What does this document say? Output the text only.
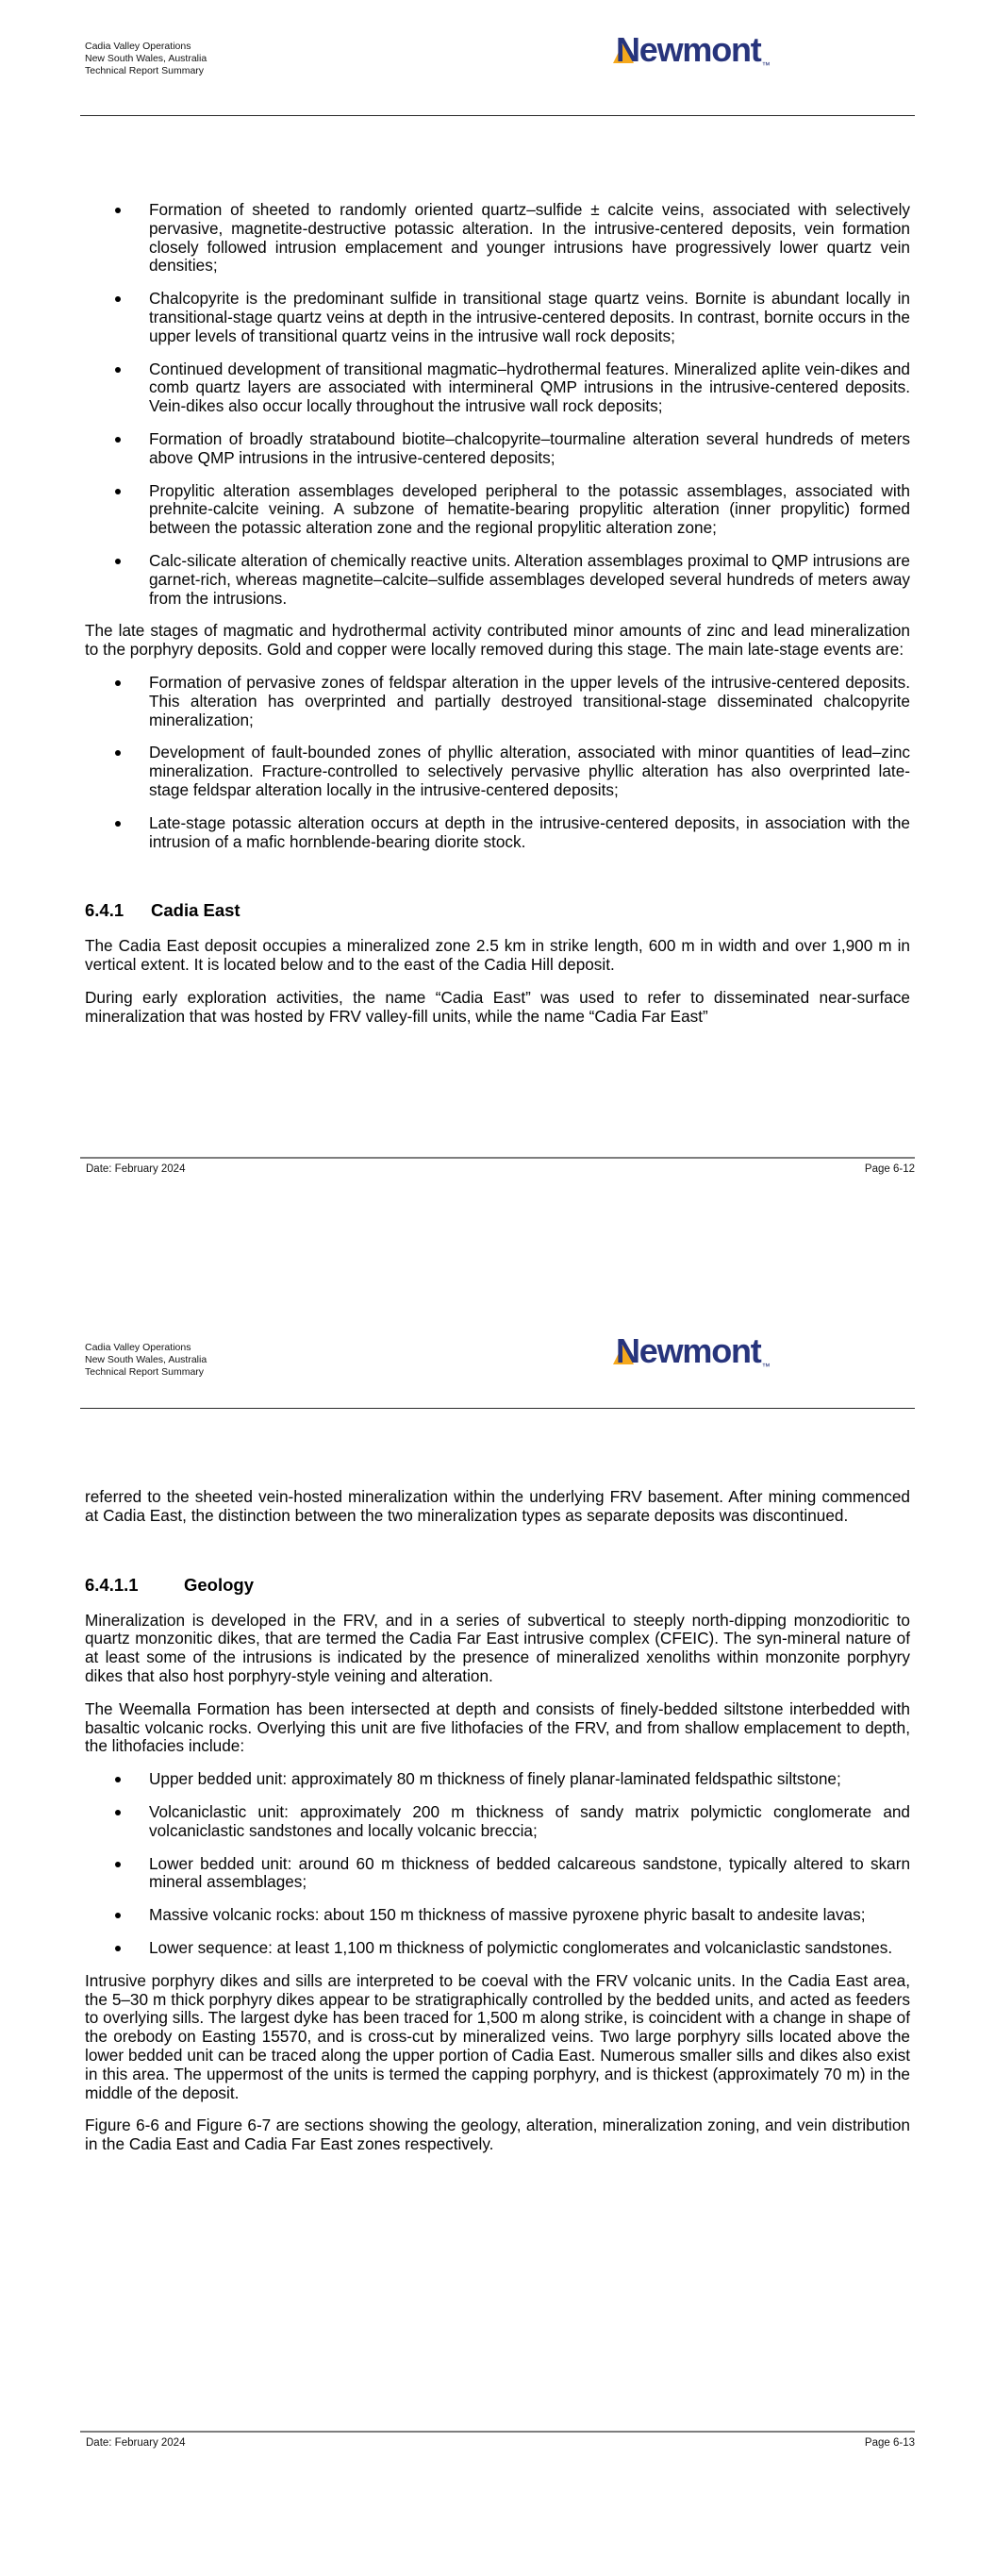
Cadia Valley Operations
New South Wales, Australia
Technical Report Summary
Newmont™
Formation of sheeted to randomly oriented quartz–sulfide ± calcite veins, associated with selectively pervasive, magnetite-destructive potassic alteration. In the intrusive-centered deposits, vein formation closely followed intrusion emplacement and younger intrusions have progressively lower quartz vein densities;
Chalcopyrite is the predominant sulfide in transitional stage quartz veins. Bornite is abundant locally in transitional-stage quartz veins at depth in the intrusive-centered deposits. In contrast, bornite occurs in the upper levels of transitional quartz veins in the intrusive wall rock deposits;
Continued development of transitional magmatic–hydrothermal features. Mineralized aplite vein-dikes and comb quartz layers are associated with intermineral QMP intrusions in the intrusive-centered deposits. Vein-dikes also occur locally throughout the intrusive wall rock deposits;
Formation of broadly stratabound biotite–chalcopyrite–tourmaline alteration several hundreds of meters above QMP intrusions in the intrusive-centered deposits;
Propylitic alteration assemblages developed peripheral to the potassic assemblages, associated with prehnite-calcite veining. A subzone of hematite-bearing propylitic alteration (inner propylitic) formed between the potassic alteration zone and the regional propylitic alteration zone;
Calc-silicate alteration of chemically reactive units. Alteration assemblages proximal to QMP intrusions are garnet-rich, whereas magnetite–calcite–sulfide assemblages developed several hundreds of meters away from the intrusions.

The late stages of magmatic and hydrothermal activity contributed minor amounts of zinc and lead mineralization to the porphyry deposits. Gold and copper were locally removed during this stage. The main late-stage events are:

Formation of pervasive zones of feldspar alteration in the upper levels of the intrusive-centered deposits. This alteration has overprinted and partially destroyed transitional-stage disseminated chalcopyrite mineralization;
Development of fault-bounded zones of phyllic alteration, associated with minor quantities of lead–zinc mineralization. Fracture-controlled to selectively pervasive phyllic alteration has also overprinted late-stage feldspar alteration locally in the intrusive-centered deposits;
Late-stage potassic alteration occurs at depth in the intrusive-centered deposits, in association with the intrusion of a mafic hornblende-bearing diorite stock.
6.4.1	Cadia East

The Cadia East deposit occupies a mineralized zone 2.5 km in strike length, 600 m in width and over 1,900 m in vertical extent. It is located below and to the east of the Cadia Hill deposit.

During early exploration activities, the name “Cadia East” was used to refer to disseminated near-surface mineralization that was hosted by FRV valley-fill units, while the name “Cadia Far East”

Date: February 2024	Page 6-12
Cadia Valley Operations
New South Wales, Australia
Technical Report Summary
Newmont™

referred to the sheeted vein-hosted mineralization within the underlying FRV basement. After mining commenced at Cadia East, the distinction between the two mineralization types as separate deposits was discontinued.

6.4.1.1	Geology

Mineralization is developed in the FRV, and in a series of subvertical to steeply north-dipping monzodioritic to quartz monzonitic dikes, that are termed the Cadia Far East intrusive complex (CFEIC). The syn-mineral nature of at least some of the intrusions is indicated by the presence of mineralized xenoliths within monzonite porphyry dikes that also host porphyry-style veining and alteration.

The Weemalla Formation has been intersected at depth and consists of finely-bedded siltstone interbedded with basaltic volcanic rocks. Overlying this unit are five lithofacies of the FRV, and from shallow emplacement to depth, the lithofacies include:

Upper bedded unit: approximately 80 m thickness of finely planar-laminated feldspathic siltstone;
Volcaniclastic unit: approximately 200 m thickness of sandy matrix polymictic conglomerate and volcaniclastic sandstones and locally volcanic breccia;
Lower bedded unit: around 60 m thickness of bedded calcareous sandstone, typically altered to skarn mineral assemblages;
Massive volcanic rocks: about 150 m thickness of massive pyroxene phyric basalt to andesite lavas;
Lower sequence: at least 1,100 m thickness of polymictic conglomerates and volcaniclastic sandstones.

Intrusive porphyry dikes and sills are interpreted to be coeval with the FRV volcanic units. In the Cadia East area, the 5–30 m thick porphyry dikes appear to be stratigraphically controlled by the bedded units, and acted as feeders to overlying sills. The largest dyke has been traced for 1,500 m along strike, is coincident with a change in shape of the orebody on Easting 15570, and is cross-cut by mineralized veins. Two large porphyry sills located above the lower bedded unit can be traced along the upper portion of Cadia East. Numerous smaller sills and dikes also exist in this area. The uppermost of the units is termed the capping porphyry, and is thickest (approximately 70 m) in the middle of the deposit.

Figure 6-6 and Figure 6-7 are sections showing the geology, alteration, mineralization zoning, and vein distribution in the Cadia East and Cadia Far East zones respectively.

Date: February 2024	Page 6-13
